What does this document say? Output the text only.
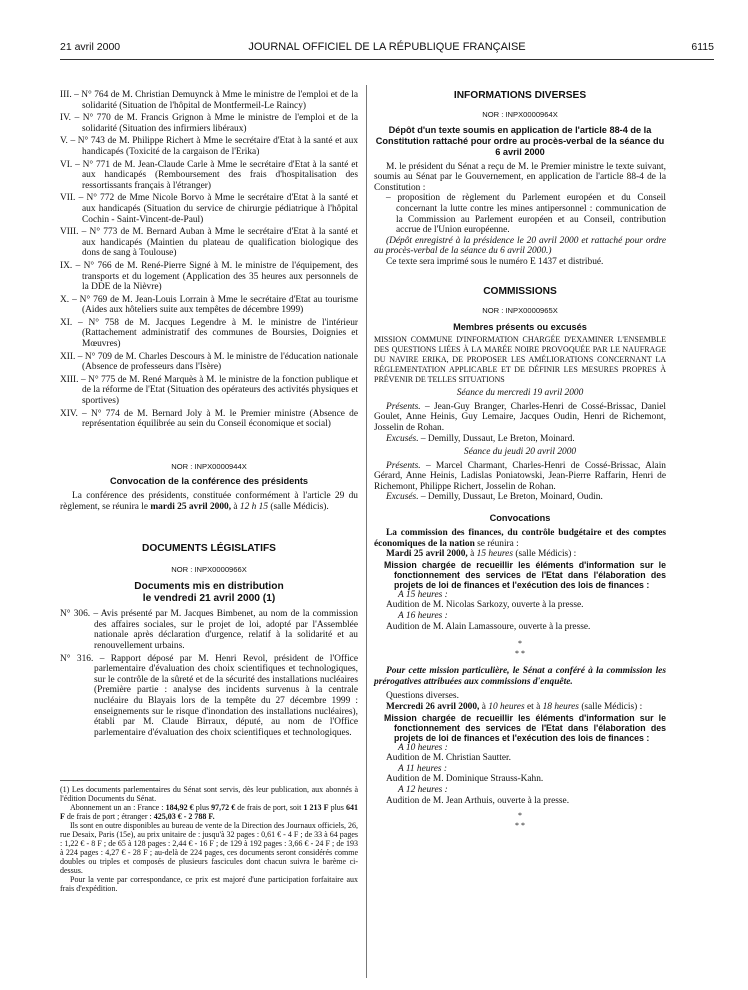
21 avril 2000	JOURNAL OFFICIEL DE LA RÉPUBLIQUE FRANÇAISE	6115

III. – N° 764 de M. Christian Demuynck à Mme le ministre de l'emploi et de la solidarité (Situation de l'hôpital de Montfermeil-Le Raincy)

IV. – N° 770 de M. Francis Grignon à Mme le ministre de l'emploi et de la solidarité (Situation des infirmiers libéraux)

V. – N° 743 de M. Philippe Richert à Mme le secrétaire d'Etat à la santé et aux handicapés (Toxicité de la cargaison de l'Erika)

VI. – N° 771 de M. Jean-Claude Carle à Mme le secrétaire d'Etat à la santé et aux handicapés (Remboursement des frais d'hospitalisation des ressortissants français à l'étranger)

VII. – N° 772 de Mme Nicole Borvo à Mme le secrétaire d'Etat à la santé et aux handicapés (Situation du service de chirurgie pédiatrique à l'hôpital Cochin - Saint-Vincent-de-Paul)

VIII. – N° 773 de M. Bernard Auban à Mme le secrétaire d'Etat à la santé et aux handicapés (Maintien du plateau de qualification biologique des dons de sang à Toulouse)

IX. – N° 766 de M. René-Pierre Signé à M. le ministre de l'équipement, des transports et du logement (Application des 35 heures aux personnels de la DDE de la Nièvre)

X. – N° 769 de M. Jean-Louis Lorrain à Mme le secrétaire d'Etat au tourisme (Aides aux hôteliers suite aux tempêtes de décembre 1999)

XI. – N° 758 de M. Jacques Legendre à M. le ministre de l'intérieur (Rattachement administratif des communes de Boursies, Doignies et Mœuvres)

XII. – N° 709 de M. Charles Descours à M. le ministre de l'éducation nationale (Absence de professeurs dans l'Isère)

XIII. – N° 775 de M. René Marquès à M. le ministre de la fonction publique et de la réforme de l'Etat (Situation des opérateurs des activités physiques et sportives)

XIV. – N° 774 de M. Bernard Joly à M. le Premier ministre (Absence de représentation équilibrée au sein du Conseil économique et social)

NOR : INPX0000944X
Convocation de la conférence des présidents

La conférence des présidents, constituée conformément à l'article 29 du règlement, se réunira le mardi 25 avril 2000, à 12 h 15 (salle Médicis).

DOCUMENTS LÉGISLATIFS
NOR : INPX0000966X
Documents mis en distribution
le vendredi 21 avril 2000 (1)

N° 306. – Avis présenté par M. Jacques Bimbenet, au nom de la commission des affaires sociales, sur le projet de loi, adopté par l'Assemblée nationale après déclaration d'urgence, relatif à la solidarité et au renouvellement urbains.

N° 316. – Rapport déposé par M. Henri Revol, président de l'Office parlementaire d'évaluation des choix scientifiques et technologiques, sur le contrôle de la sûreté et de la sécurité des installations nucléaires (Première partie : analyse des incidents survenus à la centrale nucléaire du Blayais lors de la tempête du 27 décembre 1999 : enseignements sur le risque d'inondation des installations nucléaires), établi par M. Claude Birraux, député, au nom de l'Office parlementaire d'évaluation des choix scientifiques et technologiques.

(1) Les documents parlementaires du Sénat sont servis, dès leur publication, aux abonnés à l'édition Documents du Sénat.

Abonnement un an : France : 184,92 € plus 97,72 € de frais de port, soit 1 213 F plus 641 F de frais de port ; étranger : 425,03 € - 2 788 F.

Ils sont en outre disponibles au bureau de vente de la Direction des Journaux officiels, 26, rue Desaix, Paris (15e), au prix unitaire de : jusqu'à 32 pages : 0,61 € - 4 F ; de 33 à 64 pages : 1,22 € - 8 F ; de 65 à 128 pages : 2,44 € - 16 F ; de 129 à 192 pages : 3,66 € - 24 F ; de 193 à 224 pages : 4,27 € - 28 F ; au-delà de 224 pages, ces documents seront considérés comme doubles ou triples et composés de plusieurs fascicules dont chacun suivra le barème ci-dessus.

Pour la vente par correspondance, ce prix est majoré d'une participation forfaitaire aux frais d'expédition.

INFORMATIONS DIVERSES
NOR : INPX0000964X
Dépôt d'un texte soumis en application de l'article 88-4 de la Constitution rattaché pour ordre au procès-verbal de la séance du 6 avril 2000

M. le président du Sénat a reçu de M. le Premier ministre le texte suivant, soumis au Sénat par le Gouvernement, en application de l'article 88-4 de la Constitution :

– proposition de règlement du Parlement européen et du Conseil concernant la lutte contre les mines antipersonnel : communication de la Commission au Parlement européen et au Conseil, contribution accrue de l'Union européenne.

(Dépôt enregistré à la présidence le 20 avril 2000 et rattaché pour ordre au procès-verbal de la séance du 6 avril 2000.)

Ce texte sera imprimé sous le numéro E 1437 et distribué.

COMMISSIONS
NOR : INPX0000965X
Membres présents ou excusés

MISSION COMMUNE D'INFORMATION CHARGÉE D'EXAMINER L'ENSEMBLE DES QUESTIONS LIÉES À LA MARÉE NOIRE PROVOQUÉE PAR LE NAUFRAGE DU NAVIRE ERIKA, DE PROPOSER LES AMÉLIORATIONS CONCERNANT LA RÉGLEMENTATION APPLICABLE ET DE DÉFINIR LES MESURES PROPRES À PRÉVENIR DE TELLES SITUATIONS

Séance du mercredi 19 avril 2000

Présents. – Jean-Guy Branger, Charles-Henri de Cossé-Brissac, Daniel Goulet, Anne Heinis, Guy Lemaire, Jacques Oudin, Henri de Richemont, Josselin de Rohan.

Excusés. – Demilly, Dussaut, Le Breton, Moinard.

Séance du jeudi 20 avril 2000

Présents. – Marcel Charmant, Charles-Henri de Cossé-Brissac, Alain Gérard, Anne Heinis, Ladislas Poniatowski, Jean-Pierre Raffarin, Henri de Richemont, Philippe Richert, Josselin de Rohan.

Excusés. – Demilly, Dussaut, Le Breton, Moinard, Oudin.

Convocations

La commission des finances, du contrôle budgétaire et des comptes économiques de la nation se réunira :

Mardi 25 avril 2000, à 15 heures (salle Médicis) :

Mission chargée de recueillir les éléments d'information sur le fonctionnement des services de l'Etat dans l'élaboration des projets de loi de finances et l'exécution des lois de finances :

A 15 heures :

Audition de M. Nicolas Sarkozy, ouverte à la presse.

A 16 heures :

Audition de M. Alain Lamassoure, ouverte à la presse.

*

* *

Pour cette mission particulière, le Sénat a conféré à la commission les prérogatives attribuées aux commissions d'enquête.

Questions diverses.

Mercredi 26 avril 2000, à 10 heures et à 18 heures (salle Médicis) :

Mission chargée de recueillir les éléments d'information sur le fonctionnement des services de l'Etat dans l'élaboration des projets de loi de finances et l'exécution des lois de finances :

A 10 heures :

Audition de M. Christian Sautter.

A 11 heures :

Audition de M. Dominique Strauss-Kahn.

A 12 heures :

Audition de M. Jean Arthuis, ouverte à la presse.

*

* *
